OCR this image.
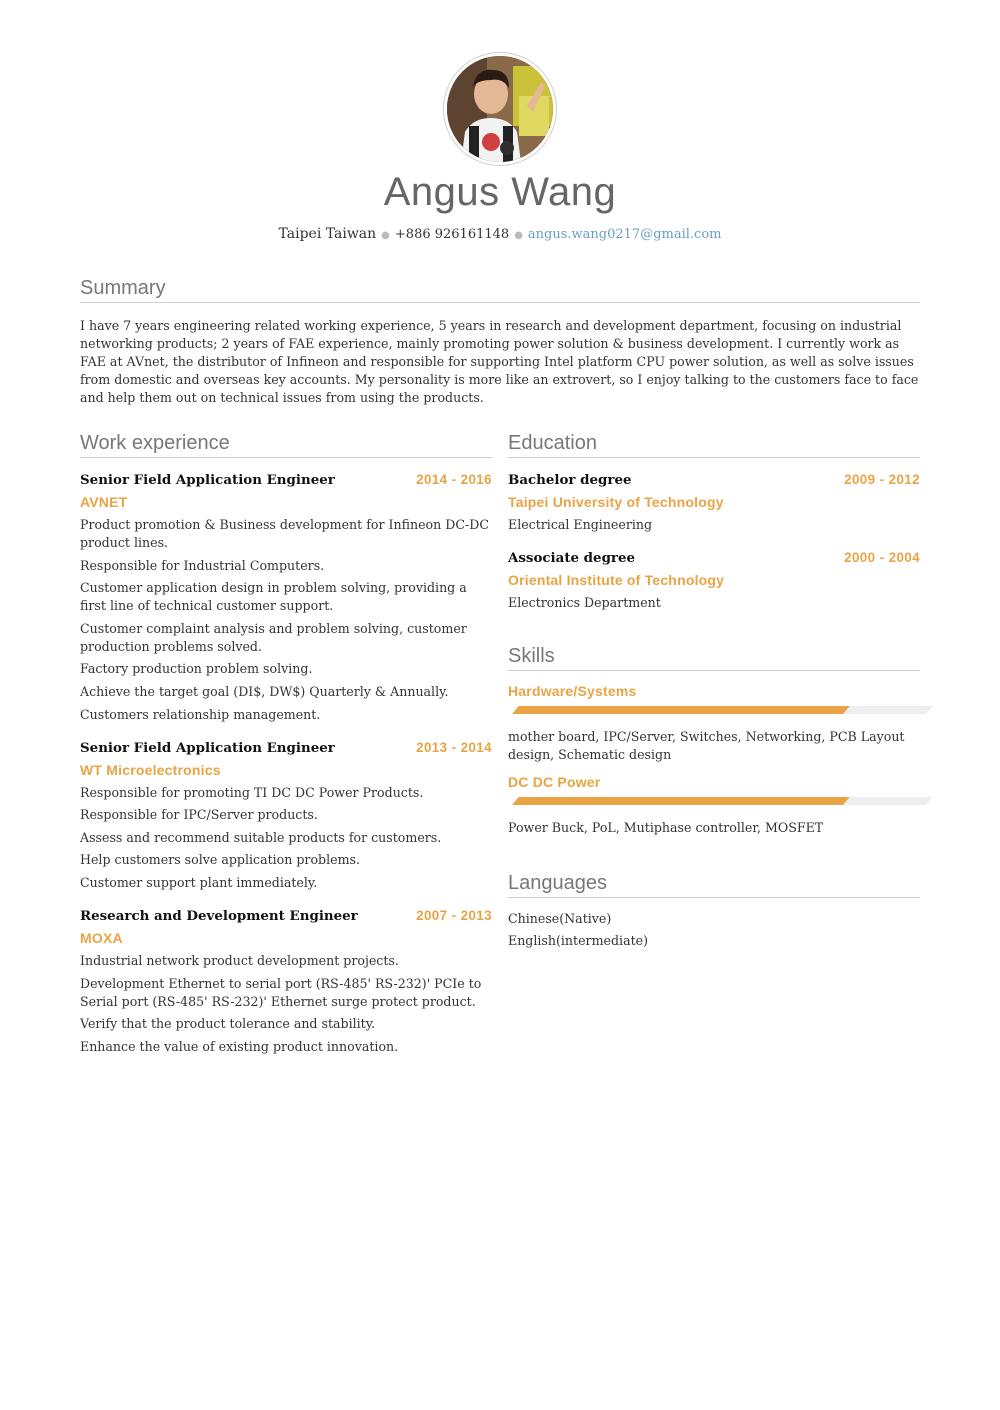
Angus Wang
Taipei Taiwan ● +886 926161148 ● angus.wang0217@gmail.com
Summary

I have 7 years engineering related working experience, 5 years in research and development department, focusing on industrial networking products; 2 years of FAE experience, mainly promoting power solution & business development. I currently work as FAE at AVnet, the distributor of Infineon and responsible for supporting Intel platform CPU power solution, as well as solve issues from domestic and overseas key accounts. My personality is more like an extrovert, so I enjoy talking to the customers face to face and help them out on technical issues from using the products.

Work experience
Senior Field Application Engineer	2014 - 2016
AVNET
Product promotion & Business development for Infineon DC-DC product lines.
Responsible for Industrial Computers.
Customer application design in problem solving, providing a first line of technical customer support.
Customer complaint analysis and problem solving, customer production problems solved.
Factory production problem solving.
Achieve the target goal (DI$, DW$) Quarterly & Annually.
Customers relationship management.
Senior Field Application Engineer	2013 - 2014
WT Microelectronics
Responsible for promoting TI DC DC Power Products.
Responsible for IPC/Server products.
Assess and recommend suitable products for customers.
Help customers solve application problems.
Customer support plant immediately.
Research and Development Engineer	2007 - 2013
MOXA
Industrial network product development projects.
Development Ethernet to serial port (RS-485' RS-232)' PCIe to Serial port (RS-485' RS-232)' Ethernet surge protect product.
Verify that the product tolerance and stability.
Enhance the value of existing product innovation.
Education
Bachelor degree	2009 - 2012
Taipei University of Technology
Electrical Engineering
Associate degree	2000 - 2004
Oriental Institute of Technology
Electronics Department
Skills
Hardware/Systems
mother board, IPC/Server, Switches, Networking, PCB Layout design, Schematic design
DC DC Power
Power Buck, PoL, Mutiphase controller, MOSFET
Languages
Chinese(Native)
English(intermediate)
